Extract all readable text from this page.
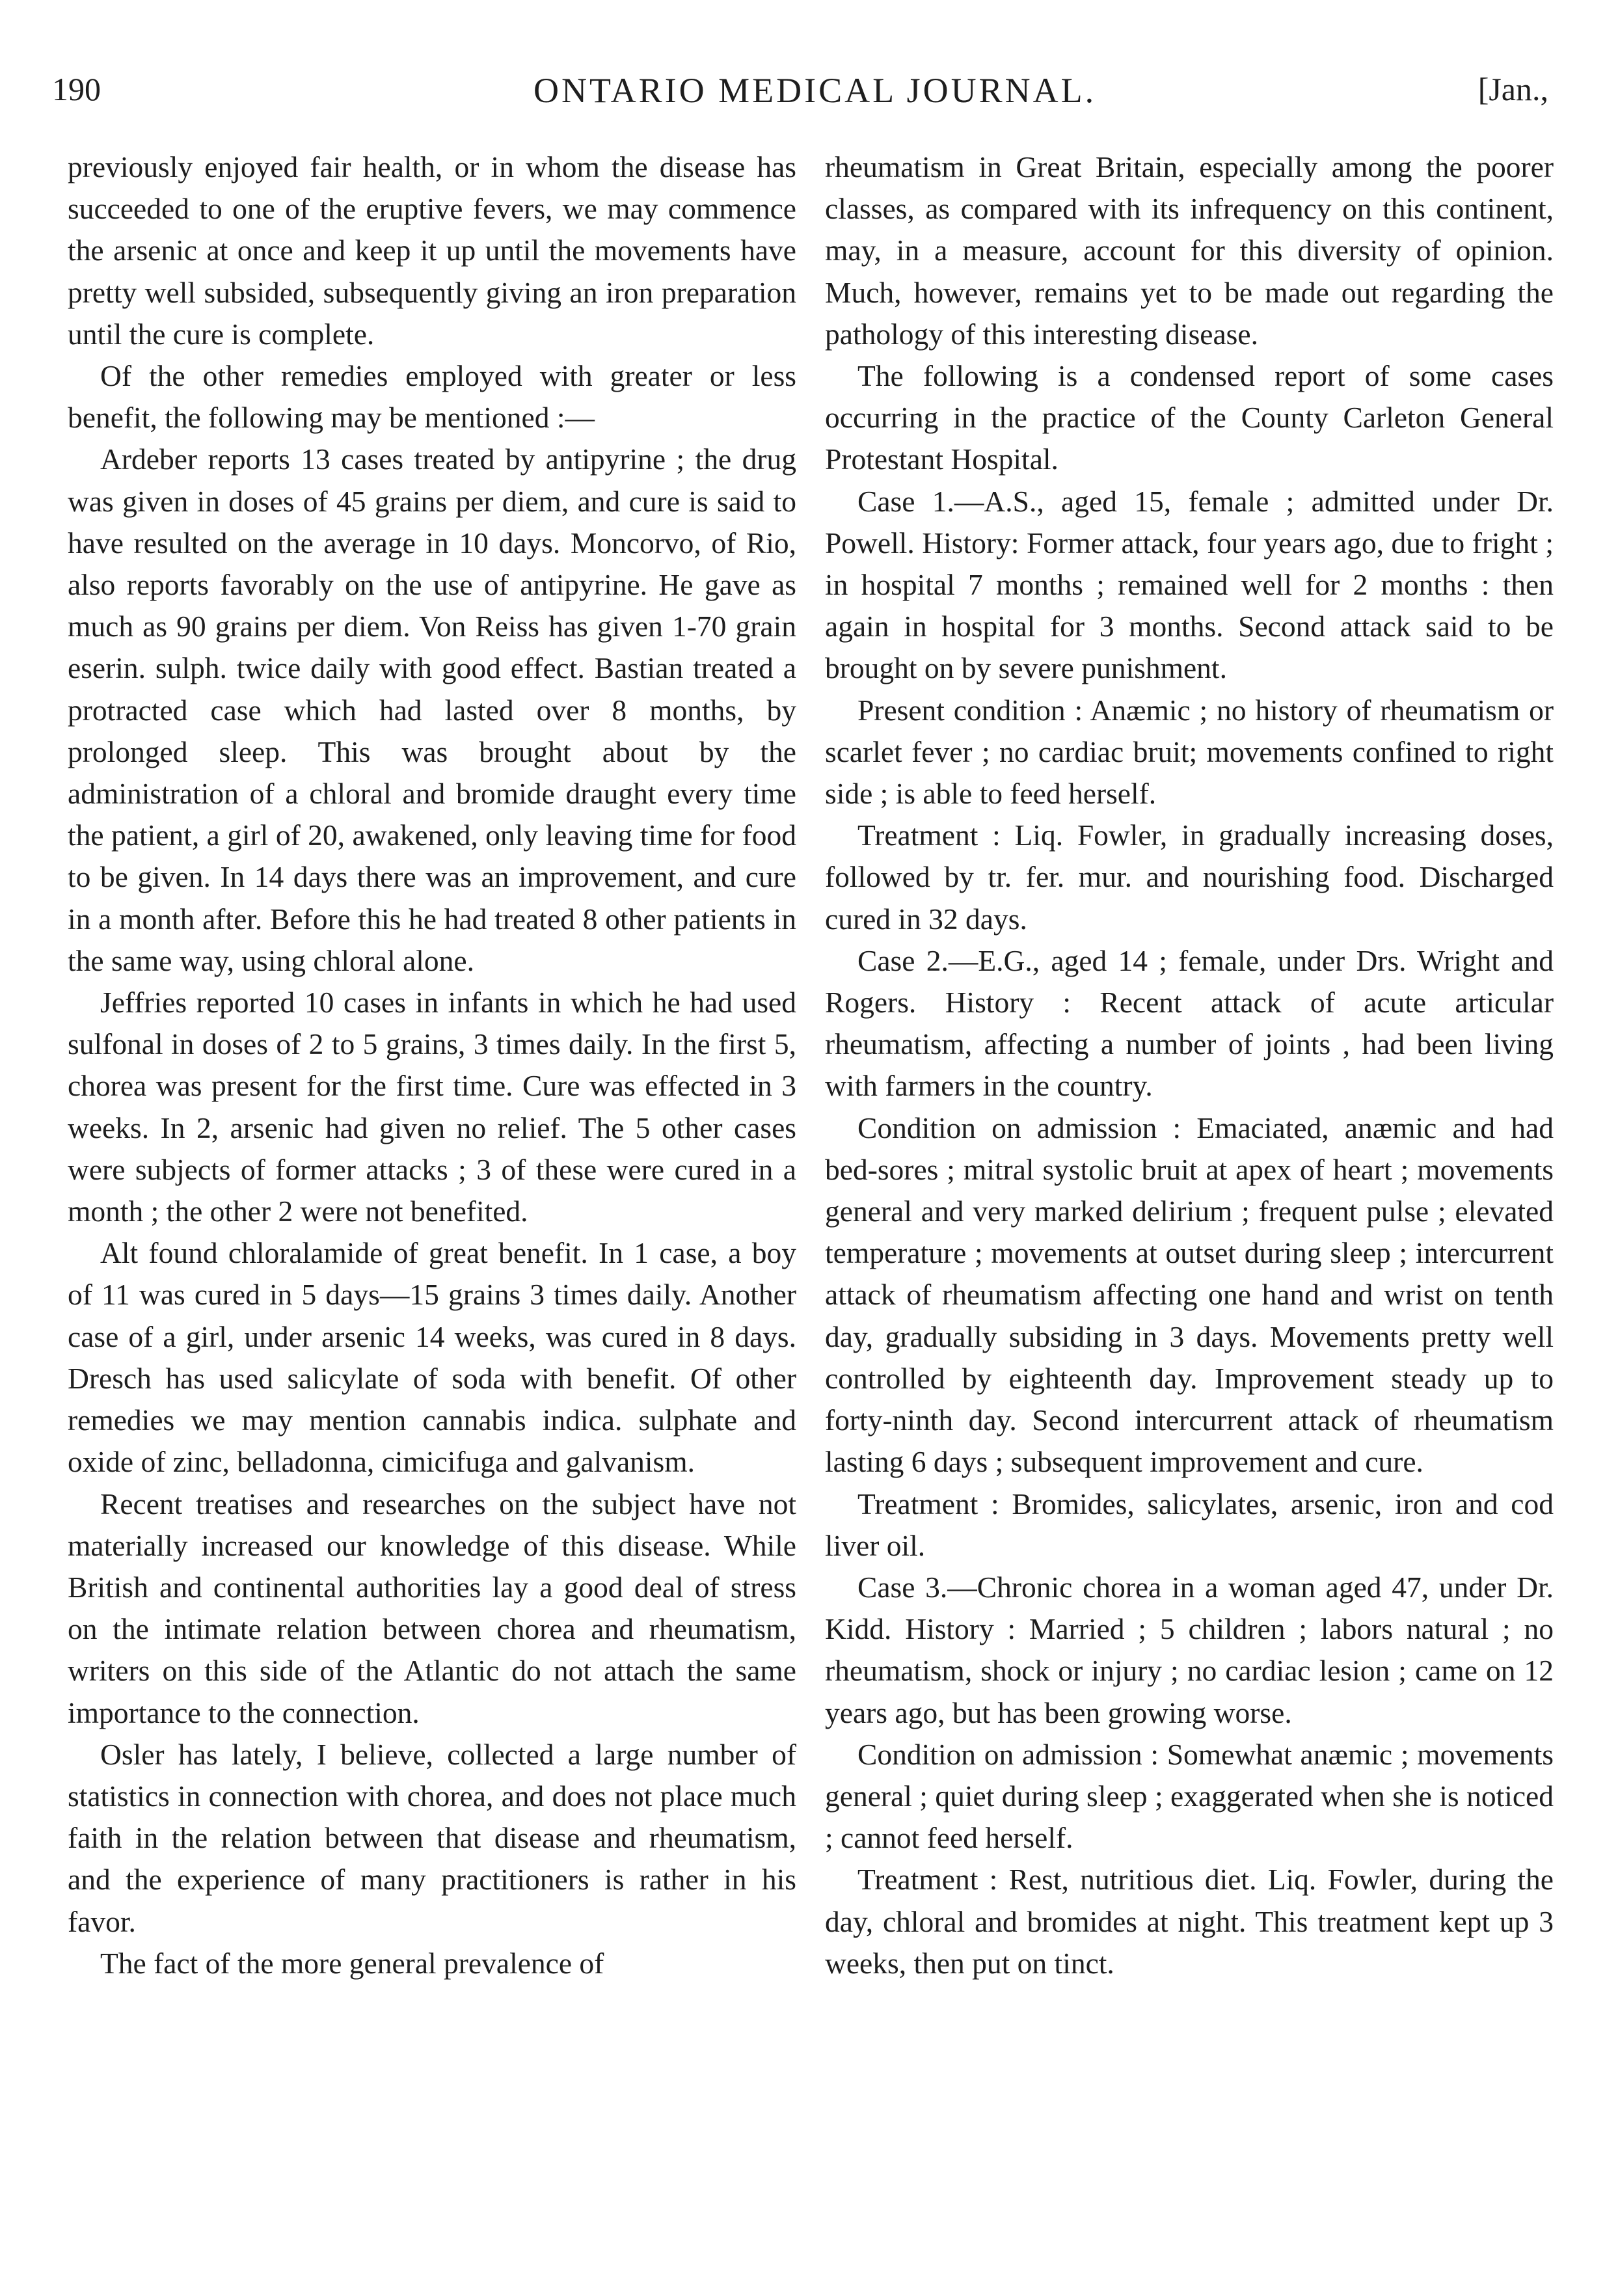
190	ONTARIO MEDICAL JOURNAL.	[Jan.,

previously enjoyed fair health, or in whom the disease has succeeded to one of the eruptive fevers, we may commence the arsenic at once and keep it up until the movements have pretty well subsided, subsequently giving an iron preparation until the cure is complete.

Of the other remedies employed with greater or less benefit, the following may be mentioned :—

Ardeber reports 13 cases treated by antipyrine ; the drug was given in doses of 45 grains per diem, and cure is said to have resulted on the average in 10 days. Moncorvo, of Rio, also reports favorably on the use of antipyrine. He gave as much as 90 grains per diem. Von Reiss has given 1-70 grain eserin. sulph. twice daily with good effect. Bastian treated a protracted case which had lasted over 8 months, by prolonged sleep. This was brought about by the administration of a chloral and bromide draught every time the patient, a girl of 20, awakened, only leaving time for food to be given. In 14 days there was an improvement, and cure in a month after. Before this he had treated 8 other patients in the same way, using chloral alone.

Jeffries reported 10 cases in infants in which he had used sulfonal in doses of 2 to 5 grains, 3 times daily. In the first 5, chorea was present for the first time. Cure was effected in 3 weeks. In 2, arsenic had given no relief. The 5 other cases were subjects of former attacks ; 3 of these were cured in a month ; the other 2 were not benefited.

Alt found chloralamide of great benefit. In 1 case, a boy of 11 was cured in 5 days—15 grains 3 times daily. Another case of a girl, under arsenic 14 weeks, was cured in 8 days. Dresch has used salicylate of soda with benefit. Of other remedies we may mention cannabis indica. sulphate and oxide of zinc, belladonna, cimicifuga and galvanism.

Recent treatises and researches on the subject have not materially increased our knowledge of this disease. While British and continental authorities lay a good deal of stress on the intimate relation between chorea and rheumatism, writers on this side of the Atlantic do not attach the same importance to the connection.

Osler has lately, I believe, collected a large number of statistics in connection with chorea, and does not place much faith in the relation between that disease and rheumatism, and the experience of many practitioners is rather in his favor.

The fact of the more general prevalence of

rheumatism in Great Britain, especially among the poorer classes, as compared with its infrequency on this continent, may, in a measure, account for this diversity of opinion. Much, however, remains yet to be made out regarding the pathology of this interesting disease.

The following is a condensed report of some cases occurring in the practice of the County Carleton General Protestant Hospital.

Case 1.—A.S., aged 15, female ; admitted under Dr. Powell. History: Former attack, four years ago, due to fright ; in hospital 7 months ; remained well for 2 months : then again in hospital for 3 months. Second attack said to be brought on by severe punishment.

Present condition : Anæmic ; no history of rheumatism or scarlet fever ; no cardiac bruit; movements confined to right side ; is able to feed herself.

Treatment : Liq. Fowler, in gradually increasing doses, followed by tr. fer. mur. and nourishing food. Discharged cured in 32 days.

Case 2.—E.G., aged 14 ; female, under Drs. Wright and Rogers. History : Recent attack of acute articular rheumatism, affecting a number of joints , had been living with farmers in the country.

Condition on admission : Emaciated, anæmic and had bed-sores ; mitral systolic bruit at apex of heart ; movements general and very marked delirium ; frequent pulse ; elevated temperature ; movements at outset during sleep ; intercurrent attack of rheumatism affecting one hand and wrist on tenth day, gradually subsiding in 3 days. Movements pretty well controlled by eighteenth day. Improvement steady up to forty-ninth day. Second intercurrent attack of rheumatism lasting 6 days ; subsequent improvement and cure.

Treatment : Bromides, salicylates, arsenic, iron and cod liver oil.

Case 3.—Chronic chorea in a woman aged 47, under Dr. Kidd. History : Married ; 5 children ; labors natural ; no rheumatism, shock or injury ; no cardiac lesion ; came on 12 years ago, but has been growing worse.

Condition on admission : Somewhat anæmic ; movements general ; quiet during sleep ; exaggerated when she is noticed ; cannot feed herself.

Treatment : Rest, nutritious diet. Liq. Fowler, during the day, chloral and bromides at night. This treatment kept up 3 weeks, then put on tinct.
